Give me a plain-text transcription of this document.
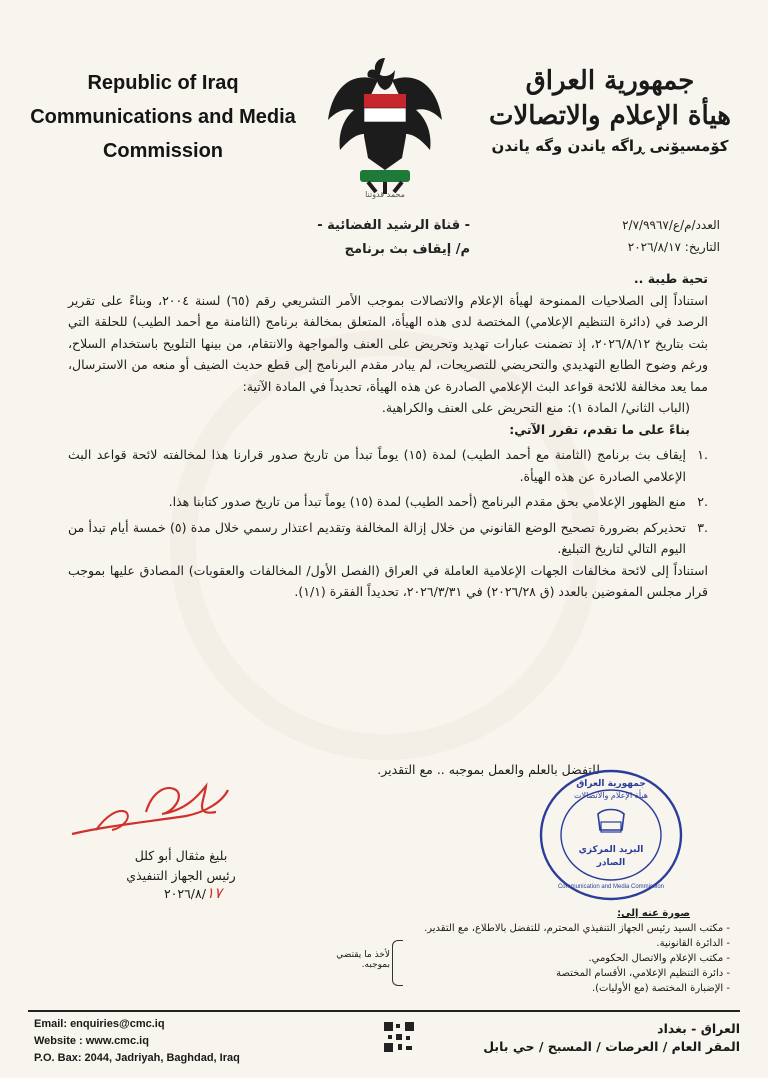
Republic of Iraq
Communications and Media
Commission
محمد قدوتنا
جمهورية العراق
هيأة الإعلام والاتصالات
كۆمسيۆنى ڕاگه ياندن وگه ياندن
العدد/م/ع/٢/٧/٩٩٦٧
التاريخ: ٢٠٢٦/٨/١٧
- قناة الرشيد الفضائية -
م/ إيقاف بث برنامج

تحية طيبة ..

استناداً إلى الصلاحيات الممنوحة لهيأة الإعلام والاتصالات بموجب الأمر التشريعي رقم (٦٥) لسنة ٢٠٠٤، وبناءً على تقرير الرصد في (دائرة التنظيم الإعلامي) المختصة لدى هذه الهيأة، المتعلق بمخالفة برنامج (الثامنة مع أحمد الطيب) للحلقة التي بثت بتاريخ ٢٠٢٦/٨/١٢، إذ تضمنت عبارات تهديد وتحريض على العنف والمواجهة والانتقام، من بينها التلويح باستخدام السلاح، ورغم وضوح الطابع التهديدي والتحريضي للتصريحات، لم يبادر مقدم البرنامج إلى قطع حديث الضيف أو منعه من الاسترسال، مما يعد مخالفة للائحة قواعد البث الإعلامي الصادرة عن هذه الهيأة، تحديداً في المادة الآتية:

(الباب الثاني/ المادة ١): منع التحريض على العنف والكراهية.

بناءً على ما تقدم، تقرر الآتي:

.١

إيقاف بث برنامج (الثامنة مع أحمد الطيب) لمدة (١٥) يوماً تبدأ من تاريخ صدور قرارنا هذا لمخالفته لائحة قواعد البث الإعلامي الصادرة عن هذه الهيأة.

.٢

منع الظهور الإعلامي بحق مقدم البرنامج (أحمد الطيب) لمدة (١٥) يوماً تبدأ من تاريخ صدور كتابنا هذا.

.٣

تحذيركم بضرورة تصحيح الوضع القانوني من خلال إزالة المخالفة وتقديم اعتذار رسمي خلال مدة (٥) خمسة أيام تبدأ من اليوم التالي لتاريخ التبليغ.

استناداً إلى لائحة مخالفات الجهات الإعلامية العاملة في العراق (الفصل الأول/ المخالفات والعقوبات) المصادق عليها بموجب قرار مجلس المفوضين بالعدد (ق ٢٠٢٦/٢٨) في ٢٠٢٦/٣/٣١، تحديداً الفقرة (١/١).

للتفضل بالعلم والعمل بموجبه .. مع التقدير.
بليغ مثقال أبو كلل
رئيس الجهاز التنفيذي
٢٠٢٦/٨/١٧
جمهورية العراق
هيأة الإعلام والاتصالات
البريد المركزي
الصادر
Communication and Media Commission
صورة عنه إلى:
- مكتب السيد رئيس الجهاز التنفيذي المحترم، للتفضل بالاطلاع، مع التقدير.
- الدائرة القانونية.
- مكتب الإعلام والاتصال الحكومي.
- دائرة التنظيم الإعلامي، الأقسام المختصة
- الإضبارة المختصة (مع الأوليات).
لأخذ ما يقتضي بموجبه.
Email: enquiries@cmc.iq
Website : www.cmc.iq
P.O. Bax: 2044, Jadriyah, Baghdad, Iraq
العراق - بغداد
المقر العام / العرصات / المسبح / حي بابل
